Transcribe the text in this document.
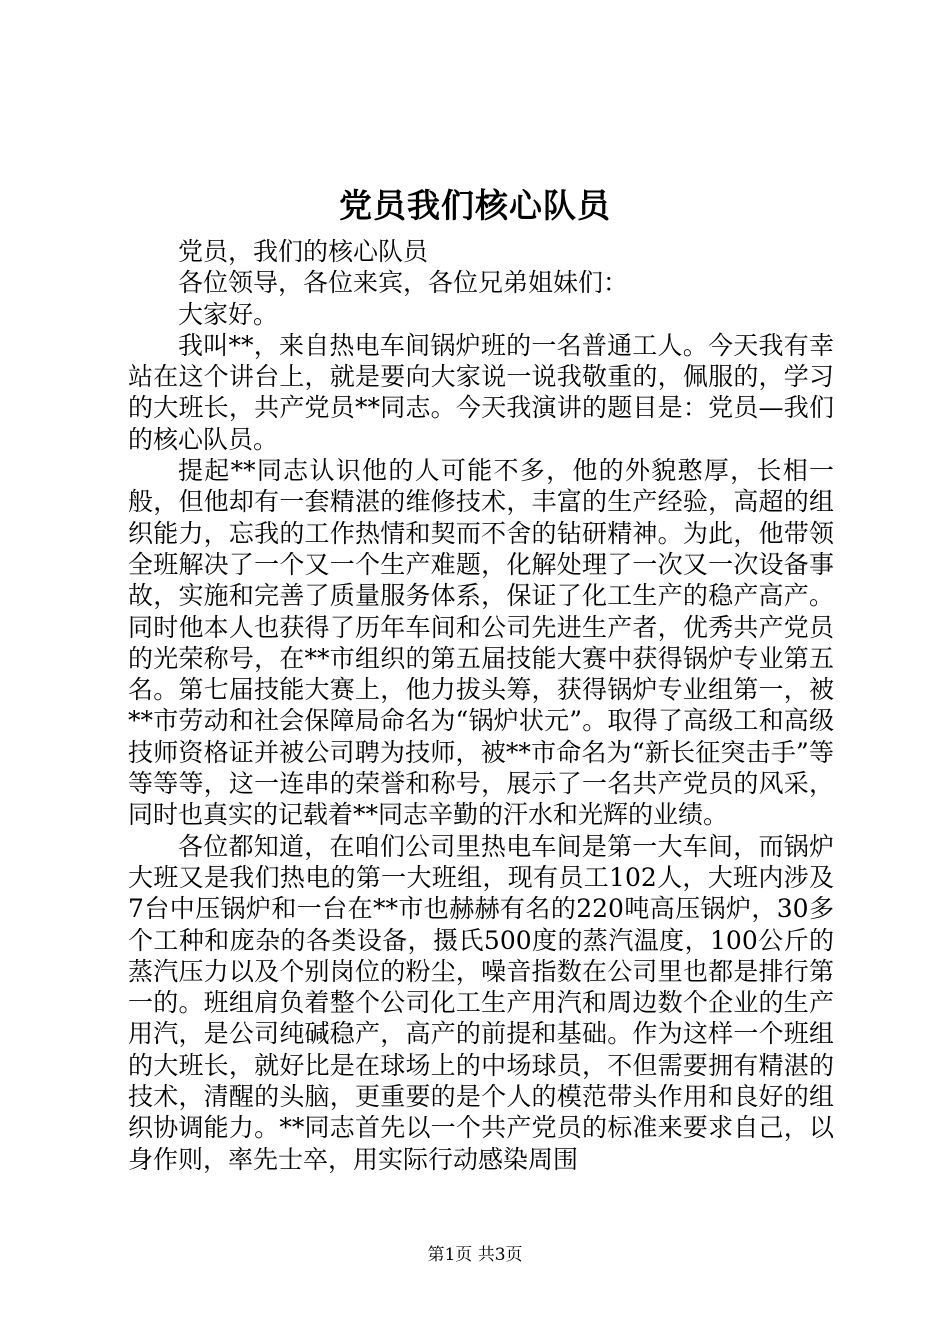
党员我们核心队员

党员，我们的核心队员

各位领导，各位来宾，各位兄弟姐妹们：

大家好。

我叫**，来自热电车间锅炉班的一名普通工人。今天我有幸站在这个讲台上，就是要向大家说一说我敬重的，佩服的，学习的大班长，共产党员**同志。今天我演讲的题目是：党员—我们的核心队员。

提起**同志认识他的人可能不多，他的外貌憨厚，长相一般，但他却有一套精湛的维修技术，丰富的生产经验，高超的组织能力，忘我的工作热情和契而不舍的钻研精神。为此，他带领全班解决了一个又一个生产难题，化解处理了一次又一次设备事故，实施和完善了质量服务体系，保证了化工生产的稳产高产。同时他本人也获得了历年车间和公司先进生产者，优秀共产党员的光荣称号，在**市组织的第五届技能大赛中获得锅炉专业第五名。第七届技能大赛上，他力拔头筹，获得锅炉专业组第一，被**市劳动和社会保障局命名为“锅炉状元”。取得了高级工和高级技师资格证并被公司聘为技师，被**市命名为“新长征突击手”等等等等，这一连串的荣誉和称号，展示了一名共产党员的风采，同时也真实的记载着**同志辛勤的汗水和光辉的业绩。

各位都知道，在咱们公司里热电车间是第一大车间，而锅炉大班又是我们热电的第一大班组，现有员工102人，大班内涉及7台中压锅炉和一台在**市也赫赫有名的220吨高压锅炉，30多个工种和庞杂的各类设备，摄氏500度的蒸汽温度，100公斤的蒸汽压力以及个别岗位的粉尘，噪音指数在公司里也都是排行第一的。班组肩负着整个公司化工生产用汽和周边数个企业的生产用汽，是公司纯碱稳产，高产的前提和基础。作为这样一个班组的大班长，就好比是在球场上的中场球员，不但需要拥有精湛的技术，清醒的头脑，更重要的是个人的模范带头作用和良好的组织协调能力。**同志首先以一个共产党员的标准来要求自己，以身作则，率先士卒，用实际行动感染周围

第1页 共3页
